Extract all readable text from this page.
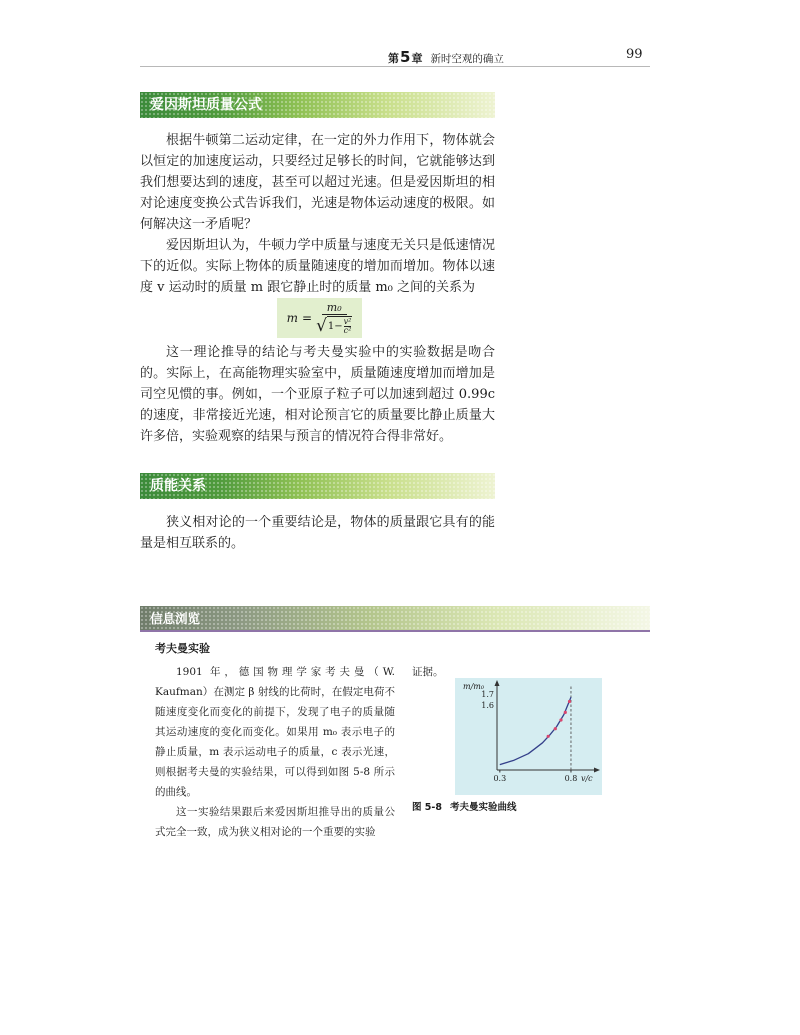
第5章 新时空观的确立	99
爱因斯坦质量公式

根据牛顿第二运动定律，在一定的外力作用下，物体就会以恒定的加速度运动，只要经过足够长的时间，它就能够达到我们想要达到的速度，甚至可以超过光速。但是爱因斯坦的相对论速度变换公式告诉我们，光速是物体运动速度的极限。如何解决这一矛盾呢？

爱因斯坦认为，牛顿力学中质量与速度无关只是低速情况下的近似。实际上物体的质量随速度的增加而增加。物体以速度 v 运动时的质量 m 跟它静止时的质量 m₀ 之间的关系为

$m = \frac{\text{m₀}}{√ 1- \frac{\text{v²}}{\text{c²}}}$

这一理论推导的结论与考夫曼实验中的实验数据是吻合的。实际上，在高能物理实验室中，质量随速度增加而增加是司空见惯的事。例如，一个亚原子粒子可以加速到超过 0.99c 的速度，非常接近光速，相对论预言它的质量要比静止质量大许多倍，实验观察的结果与预言的情况符合得非常好。

质能关系

狭义相对论的一个重要结论是，物体的质量跟它具有的能量是相互联系的。

信息浏览
考夫曼实验

1901 年，德国物理学家考夫曼（W. Kaufman）在测定 β 射线的比荷时，在假定电荷不随速度变化而变化的前提下，发现了电子的质量随其运动速度的变化而变化。如果用 m₀ 表示电子的静止质量，m 表示运动电子的质量，c 表示光速，则根据考夫曼的实验结果，可以得到如图 5-8 所示的曲线。

这一实验结果跟后来爱因斯坦推导出的质量公式完全一致，成为狭义相对论的一个重要的实验

证据。
m/m₀
1.7
1.6
0.3	0.8 v/c
图 5-8 考夫曼实验曲线
